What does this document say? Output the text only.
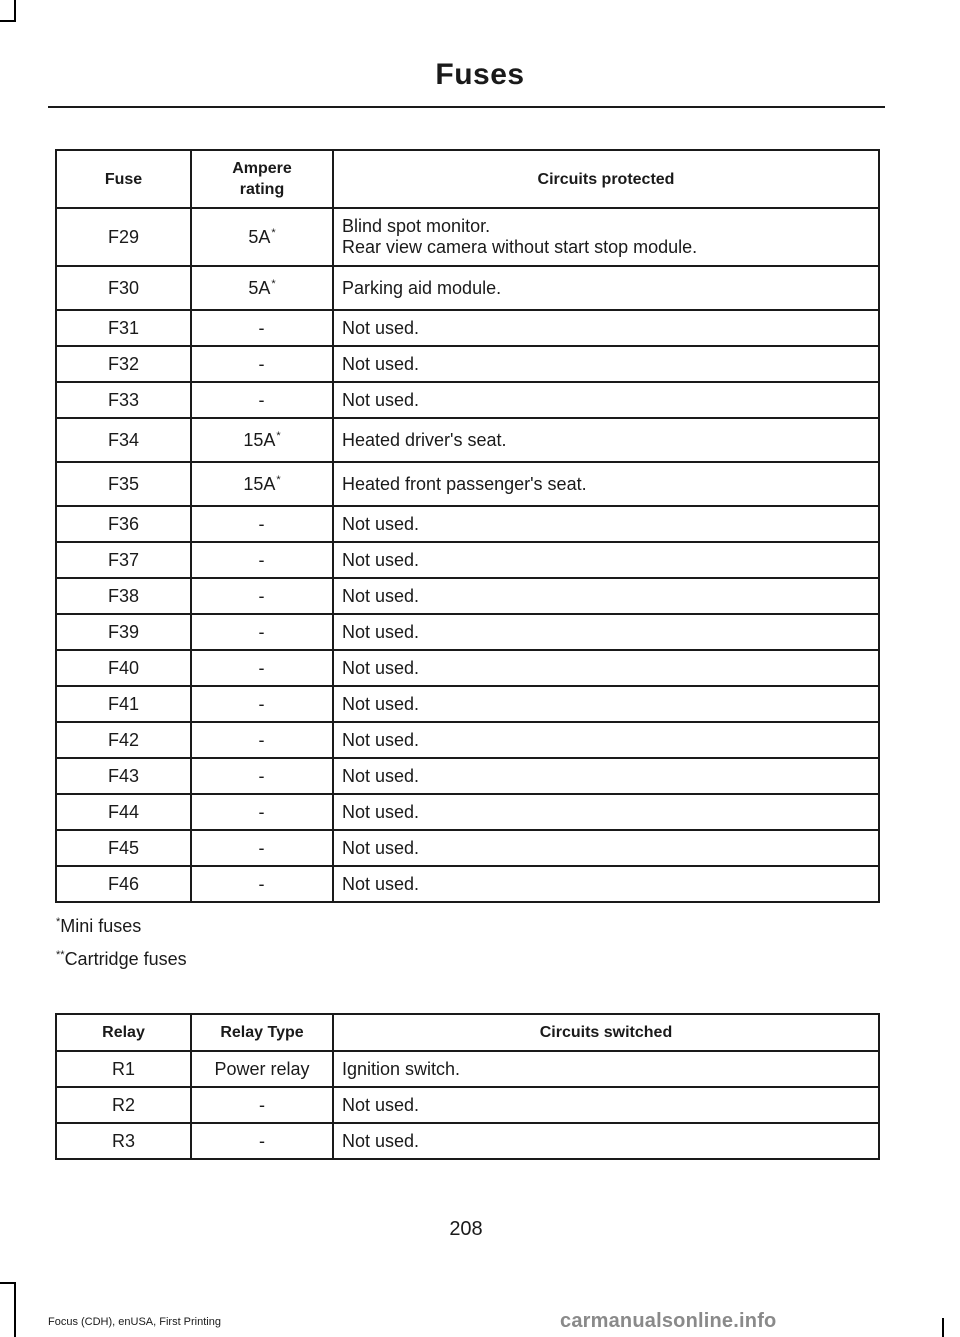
Fuses
Fuse	Ampere rating	Circuits protected
F29	5A*	Blind spot monitor.
Rear view camera without start stop module.

F30	5A*	Parking aid module.

F31	-	Not used.

F32	-	Not used.

F33	-	Not used.

F34	15A*	Heated driver's seat.

F35	15A*	Heated front passenger's seat.

F36	-	Not used.

F37	-	Not used.

F38	-	Not used.

F39	-	Not used.

F40	-	Not used.

F41	-	Not used.

F42	-	Not used.

F43	-	Not used.

F44	-	Not used.

F45	-	Not used.

F46	-	Not used.
*Mini fuses
**Cartridge fuses
Relay	Relay Type	Circuits switched
R1	Power relay	Ignition switch.
R2	-	Not used.
R3	-	Not used.
208
Focus (CDH), enUSA, First Printing	carmanualsonline.info
